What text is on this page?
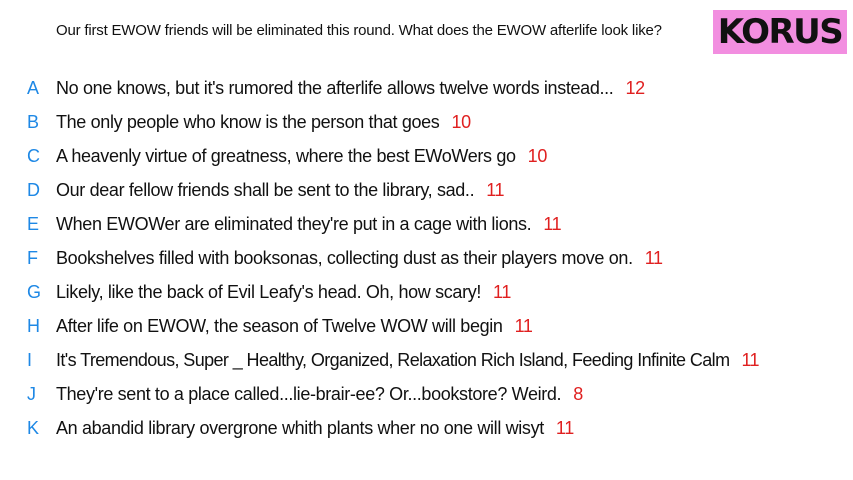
Our first EWOW friends will be eliminated this round. What does the EWOW afterlife look like? KORUS
A No one knows, but it's rumored the afterlife allows twelve words instead... 12
B The only people who know is the person that goes 10
C A heavenly virtue of greatness, where the best EWoWers go 10
D Our dear fellow friends shall be sent to the library, sad.. 11
E When EWOWer are eliminated they're put in a cage with lions. 11
F Bookshelves filled with booksonas, collecting dust as their players move on. 11
G Likely, like the back of Evil Leafy's head. Oh, how scary! 11
H After life on EWOW, the season of Twelve WOW will begin 11
I It's Tremendous, Super _ Healthy, Organized, Relaxation Rich Island, Feeding Infinite Calm 11
J They're sent to a place called...lie-brair-ee? Or...bookstore? Weird. 8
K An abandid library overgrone whith plants wher no one will wisyt 11
